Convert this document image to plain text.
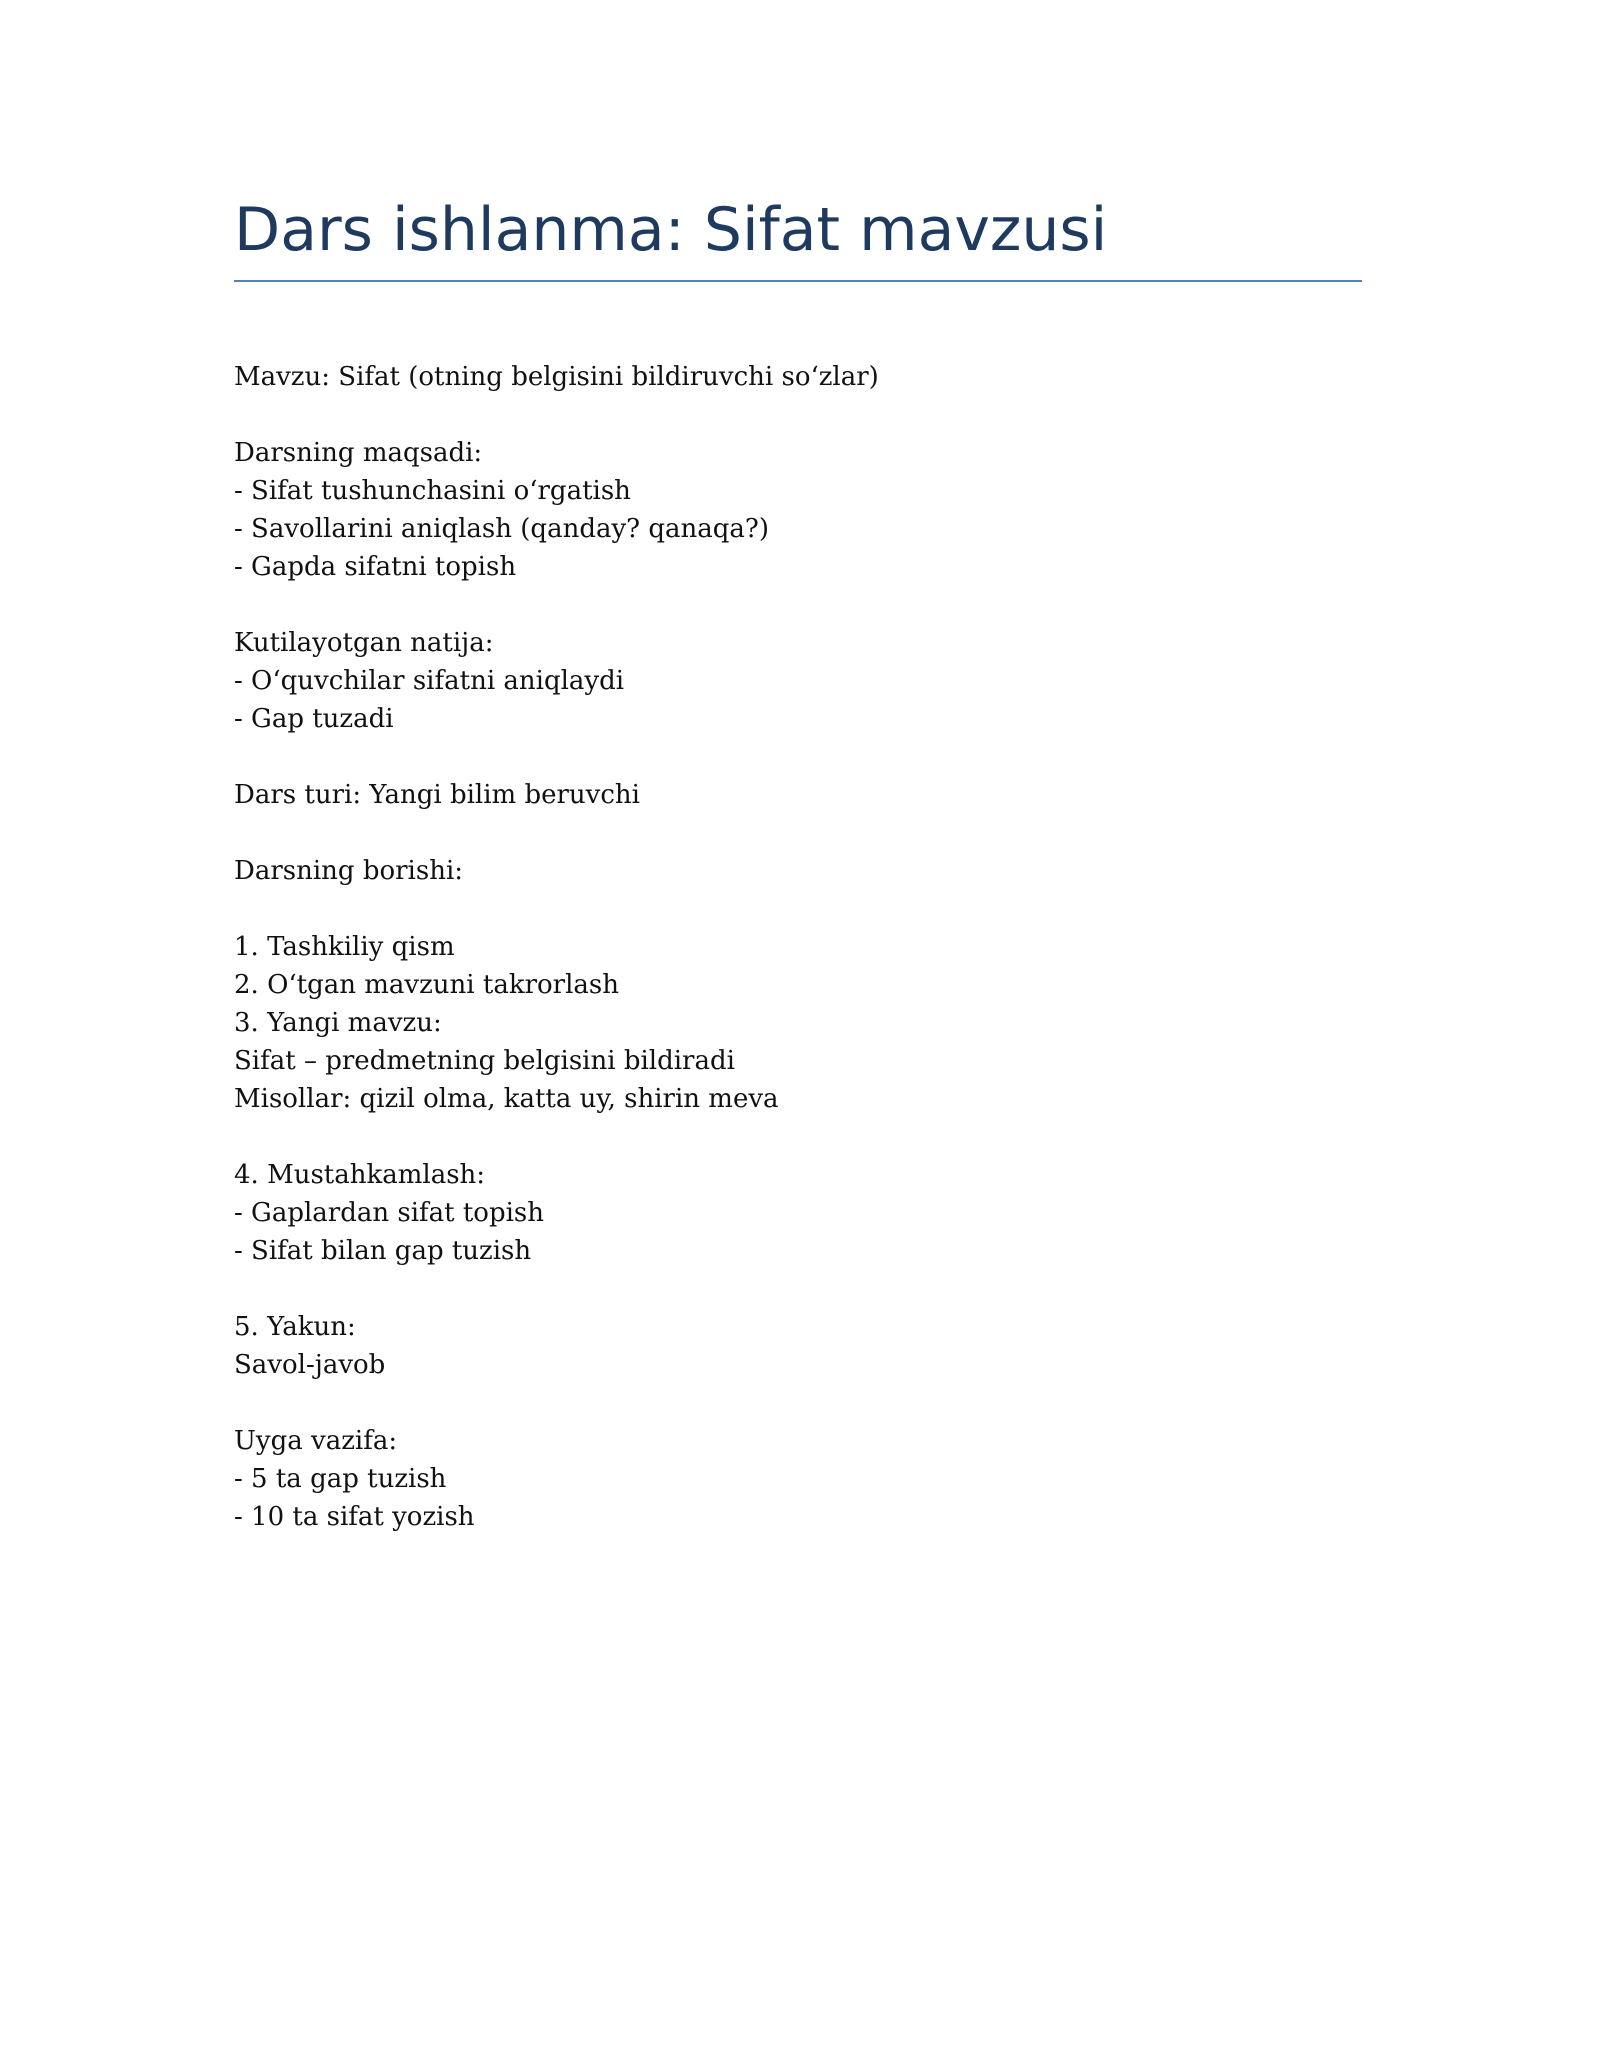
Dars ishlanma: Sifat mavzusi

Mavzu: Sifat (otning belgisini bildiruvchi so‘zlar)

Darsning maqsadi:

- Sifat tushunchasini o‘rgatish

- Savollarini aniqlash (qanday? qanaqa?)

- Gapda sifatni topish

Kutilayotgan natija:

- O‘quvchilar sifatni aniqlaydi

- Gap tuzadi

Dars turi: Yangi bilim beruvchi

Darsning borishi:

1. Tashkiliy qism

2. O‘tgan mavzuni takrorlash

3. Yangi mavzu:

Sifat – predmetning belgisini bildiradi

Misollar: qizil olma, katta uy, shirin meva

4. Mustahkamlash:

- Gaplardan sifat topish

- Sifat bilan gap tuzish

5. Yakun:

Savol-javob

Uyga vazifa:

- 5 ta gap tuzish

- 10 ta sifat yozish
